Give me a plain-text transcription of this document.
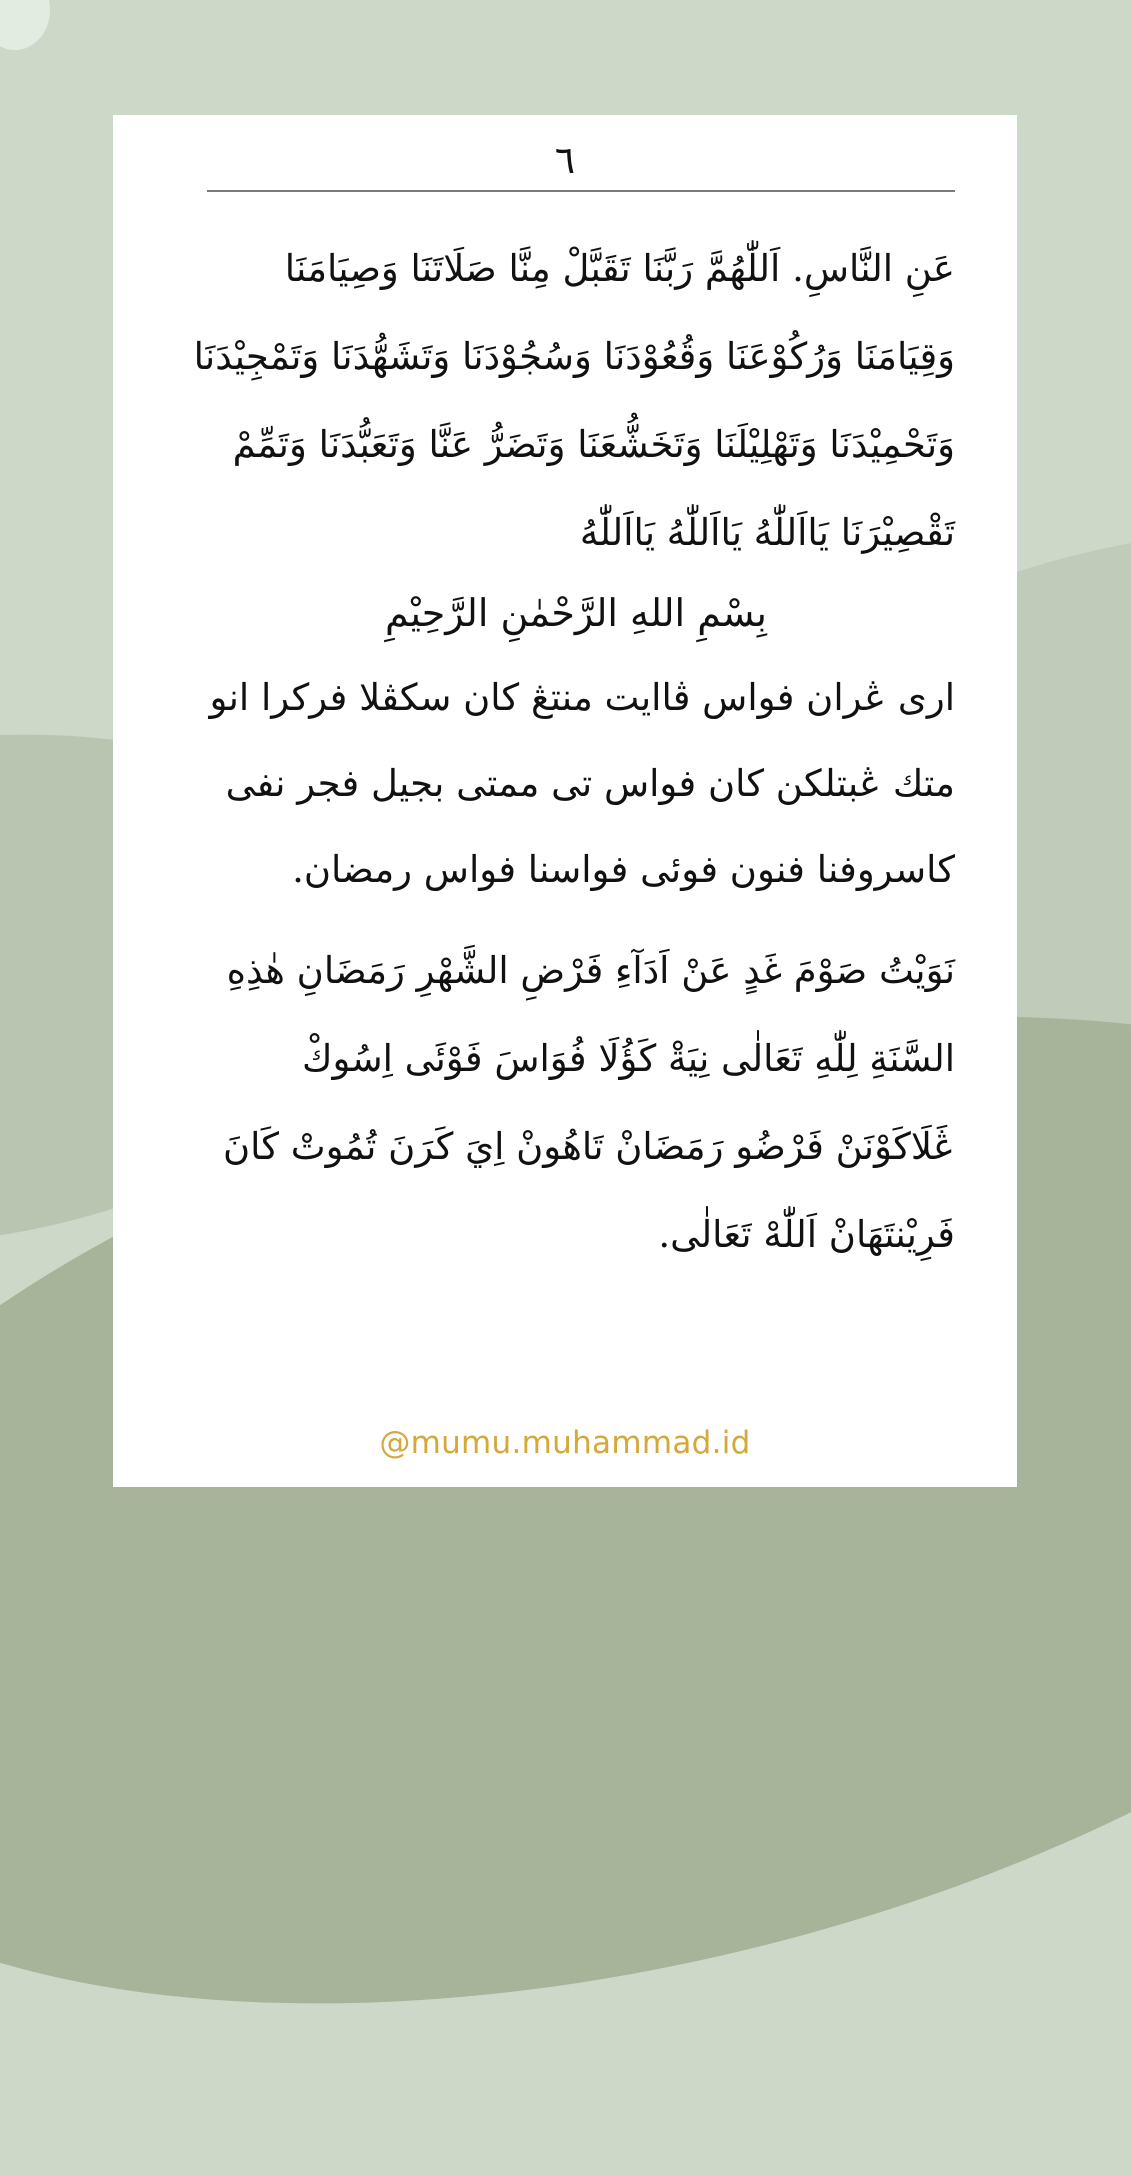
٦
عَنِ النَّاسِ. اَللّٰهُمَّ رَبَّنَا تَقَبَّلْ مِنَّا صَلَاتَنَا وَصِيَامَنَا
وَقِيَامَنَا وَرُكُوْعَنَا وَقُعُوْدَنَا وَسُجُوْدَنَا وَتَشَهُّدَنَا وَتَمْجِيْدَنَا
وَتَحْمِيْدَنَا وَتَهْلِيْلَنَا وَتَخَشُّعَنَا وَتَضَرُّ عَنَّا وَتَعَبُّدَنَا وَتَمِّمْ
تَقْصِيْرَنَا يَااَللّٰهُ يَااَللّٰهُ يَااَللّٰهُ
بِسْمِ اللهِ الرَّحْمٰنِ الرَّحِيْمِ
ارى ڠران فواس ڤاايت منتڠ كان سكڤلا فركرا انو
متك ڠبتلكن كان فواس تى ممتى بجيل فجر نفى
كاسروفنا فنون فوئى فواسنا فواس رمضان.
نَوَيْتُ صَوْمَ غَدٍ عَنْ اَدَآءِ فَرْضِ الشَّهْرِ رَمَضَانِ هٰذِهِ
السَّنَةِ لِلّٰهِ تَعَالٰى نِيَةْ كَؤُلَا فُوَاسَ فَوْئَى اِسُوكْ
ڠَلَاكَوْنَنْ فَرْضُو رَمَضَانْ تَاهُونْ اِيَ كَرَنَ تُمُوتْ كَانَ
فَرِيْنتَهَانْ اَللّٰهْ تَعَالٰى.
@mumu.muhammad.id
